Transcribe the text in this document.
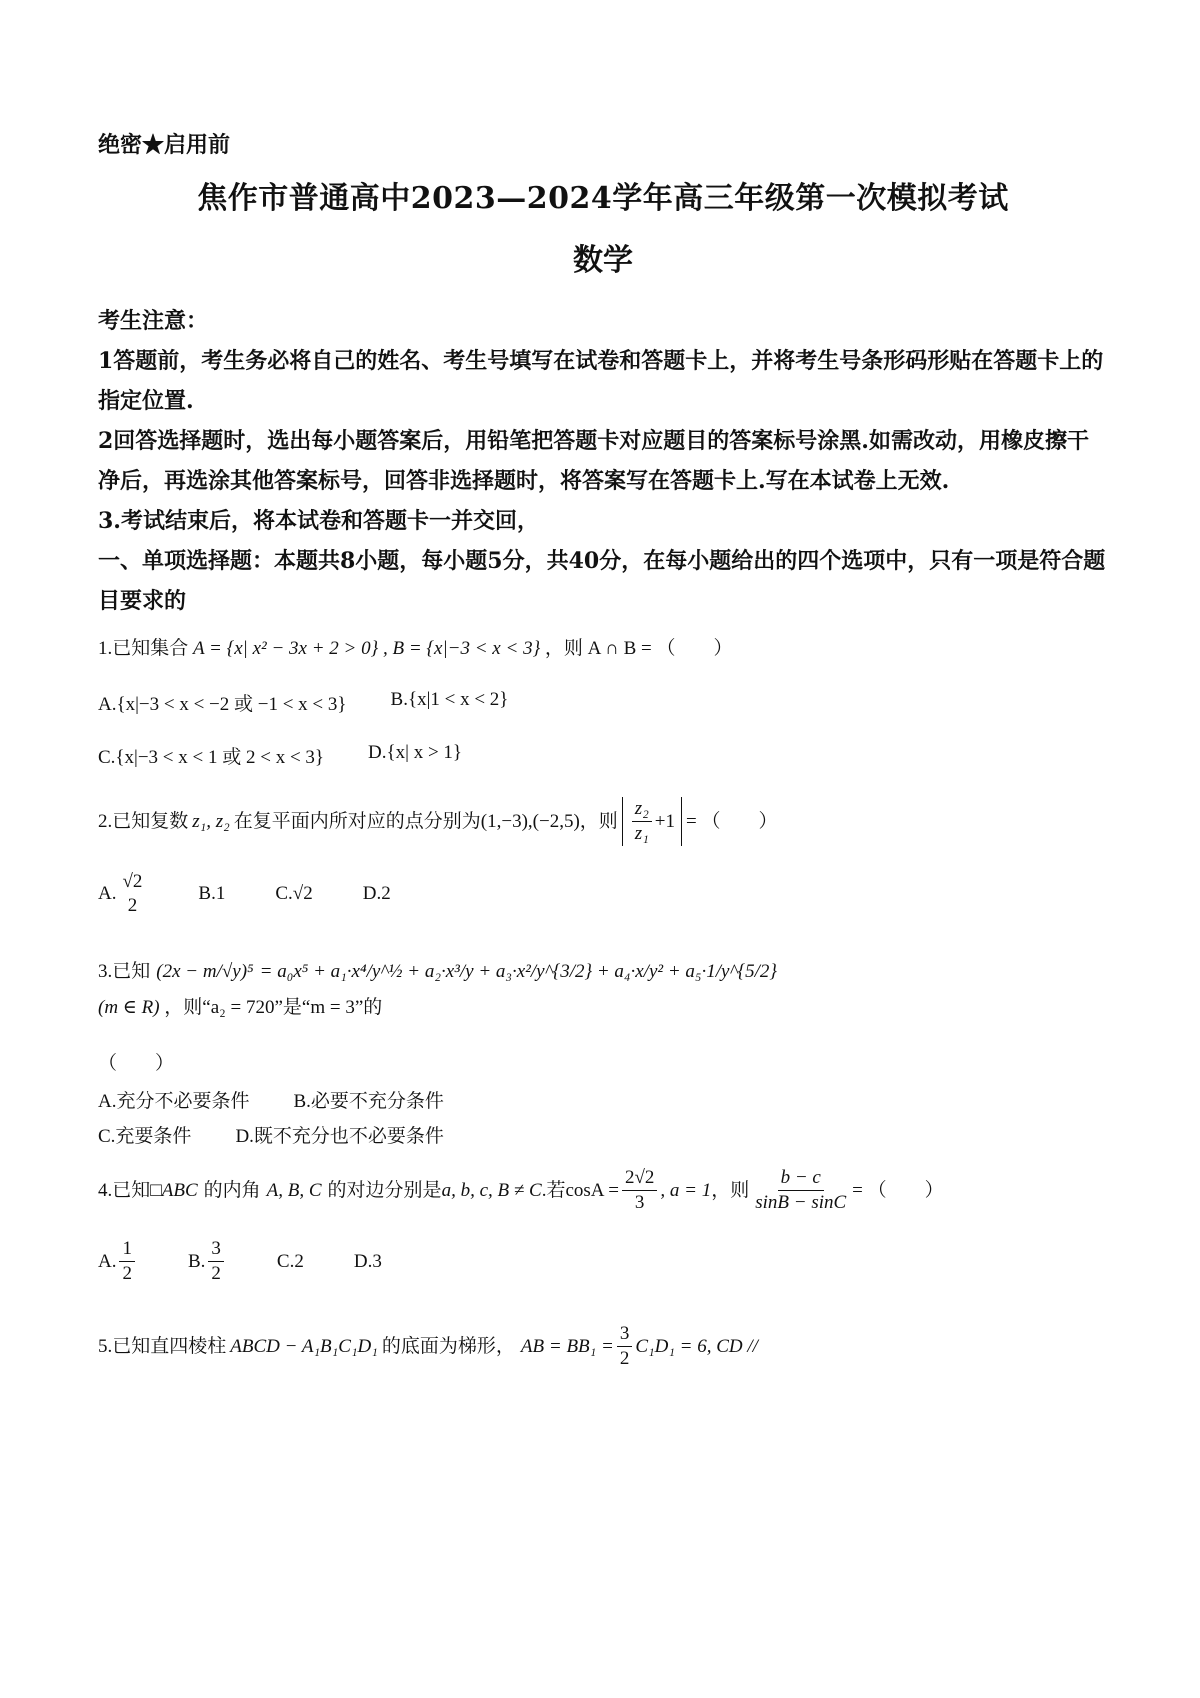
绝密★启用前

焦作市普通高中2023—2024学年高三年级第一次模拟考试
数学

考生注意：

1答题前，考生务必将自己的姓名、考生号填写在试卷和答题卡上，并将考生号条形码形贴在答题卡上的指定位置.

2回答选择题时，选出每小题答案后，用铅笔把答题卡对应题目的答案标号涂黑.如需改动，用橡皮擦干净后，再选涂其他答案标号，回答非选择题时，将答案写在答题卡上.写在本试卷上无效.

3.考试结束后，将本试卷和答题卡一并交回，

一、单项选择题：本题共8小题，每小题5分，共40分，在每小题给出的四个选项中，只有一项是符合题目要求的

1.已知集合 A = {x| x² − 3x + 2 > 0} , B = {x|−3 < x < 3} ，则 A ∩ B = （　　）

A.{x|−3 < x < −2 或 −1 < x < 3} B.{x|1 < x < 2}
C.{x|−3 < x < 1 或 2 < x < 3} D.{x| x > 1}

2.已知复数 z₁, z₂ 在复平面内所对应的点分别为 (1,−3),(−2,5) ，则 $\frac{\text{z₂}}{\text{z₁}} +1$ = （　　）

A.
√2
2
B.1	C.√2	D.2

3.已知 (2x − m/√y)⁵ = a₀x⁵ + a₁·x⁴/y^½ + a₂·x³/y + a₃·x²/y^{3/2} + a₄·x/y² + a₅·1/y^{5/2}

(m ∈ R) ，则“a₂ = 720”是“m = 3”的

（　　）

A.充分不必要条件 B.必要不充分条件
C.充要条件 D.既不充分也不必要条件

4.已知 □ ABC 的内角 A, B, C 的对边分别是 a, b, c, B ≠ C .若 $\cos A = \frac{2√2}{3}$ , a = 1 ，则 $\frac{b - c}{\sin B - \sin C}$ = （　　）

A. $\frac{1}{2}$	B. $\frac{3}{2}$	C.2	D.3

5.已知直四棱柱 ABCD − A₁B₁C₁D₁ 的底面为梯形， AB = $BB_1 = \frac{3}{2} C_1D_1 = 6$, CD //
